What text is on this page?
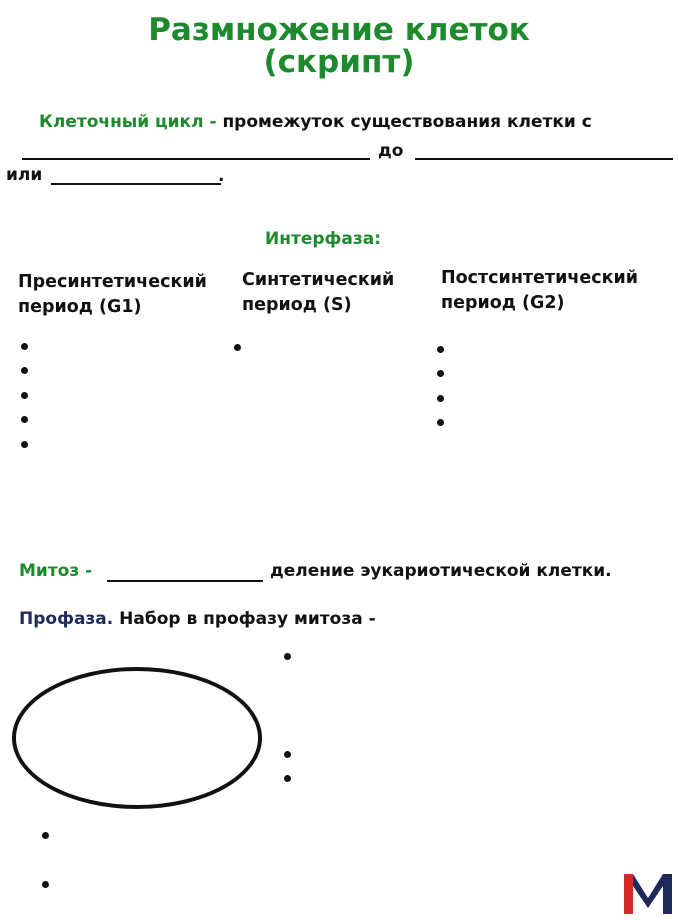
Размножение клеток
(скрипт)
Клеточный цикл - промежуток существования клетки с
до
или	.
Интерфаза:
Пресинтетический
период (G1)
Синтетический
период (S)
Постсинтетический
период (G2)
Митоз -	деление эукариотической клетки.
Профаза. Набор в профазу митоза -
